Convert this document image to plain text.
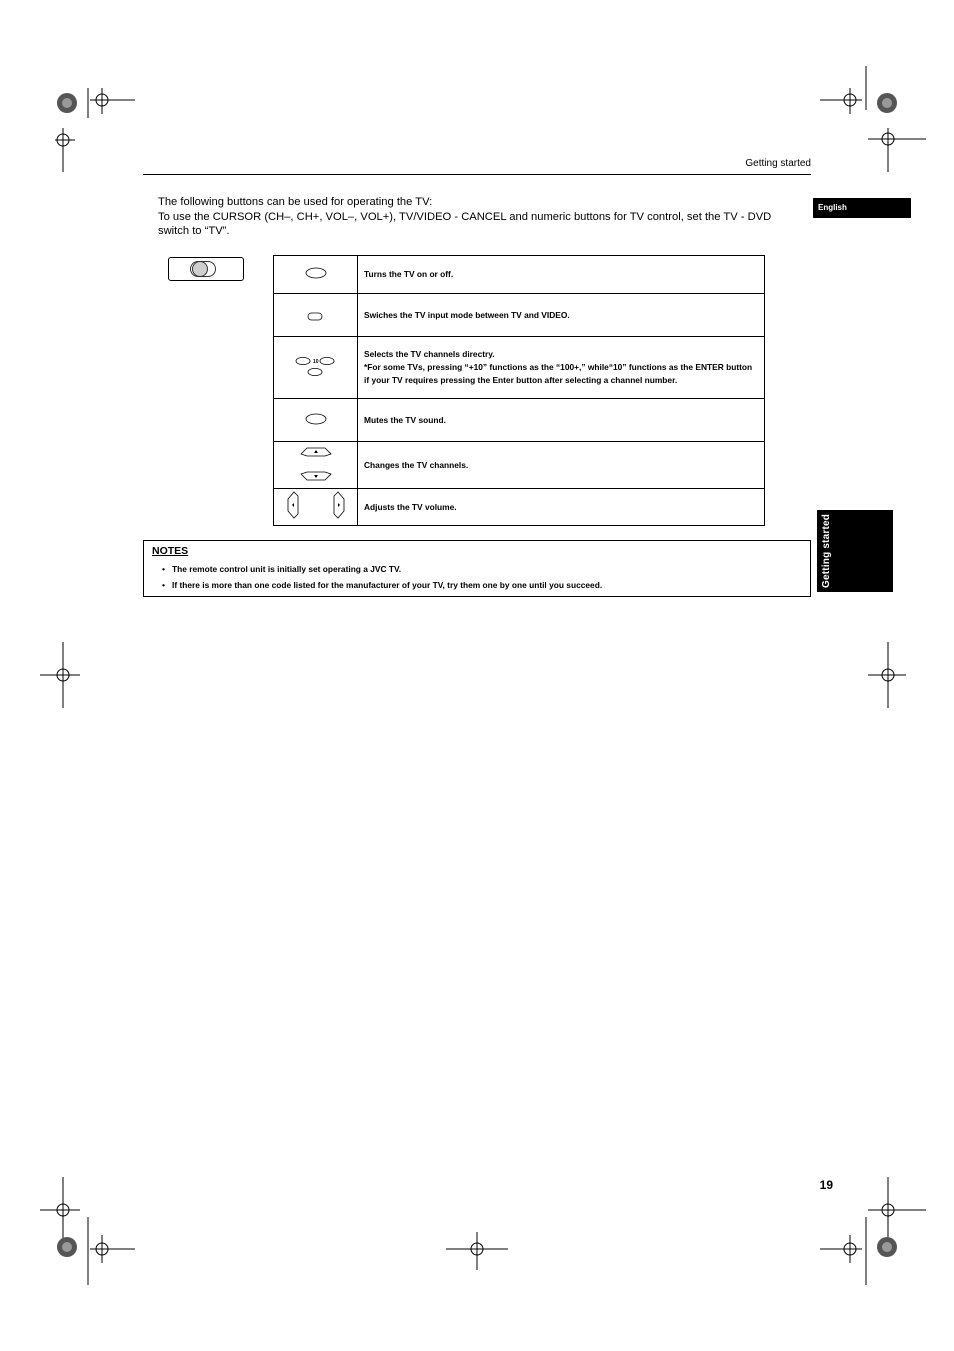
Getting started
English

The following buttons can be used for operating the TV:

To use the CURSOR (CH–, CH+, VOL–, VOL+), TV/VIDEO - CANCEL and numeric buttons for TV control, set the TV - DVD switch to “TV”.

	Turns the TV on or off.
	Swiches the TV input mode between TV and VIDEO.

10	Selects the TV channels directry.
*For some TVs, pressing “+10” functions as the “100+,” while“10” functions as the ENTER button if your TV requires pressing the Enter button after selecting a channel number.

	Mutes the TV sound.
	Changes the TV channels.
	Adjusts the TV volume.
NOTES
• The remote control unit is initially set operating a JVC TV.
• If there is more than one code listed for the manufacturer of your TV, try them one by one until you succeed.	Getting started
19
